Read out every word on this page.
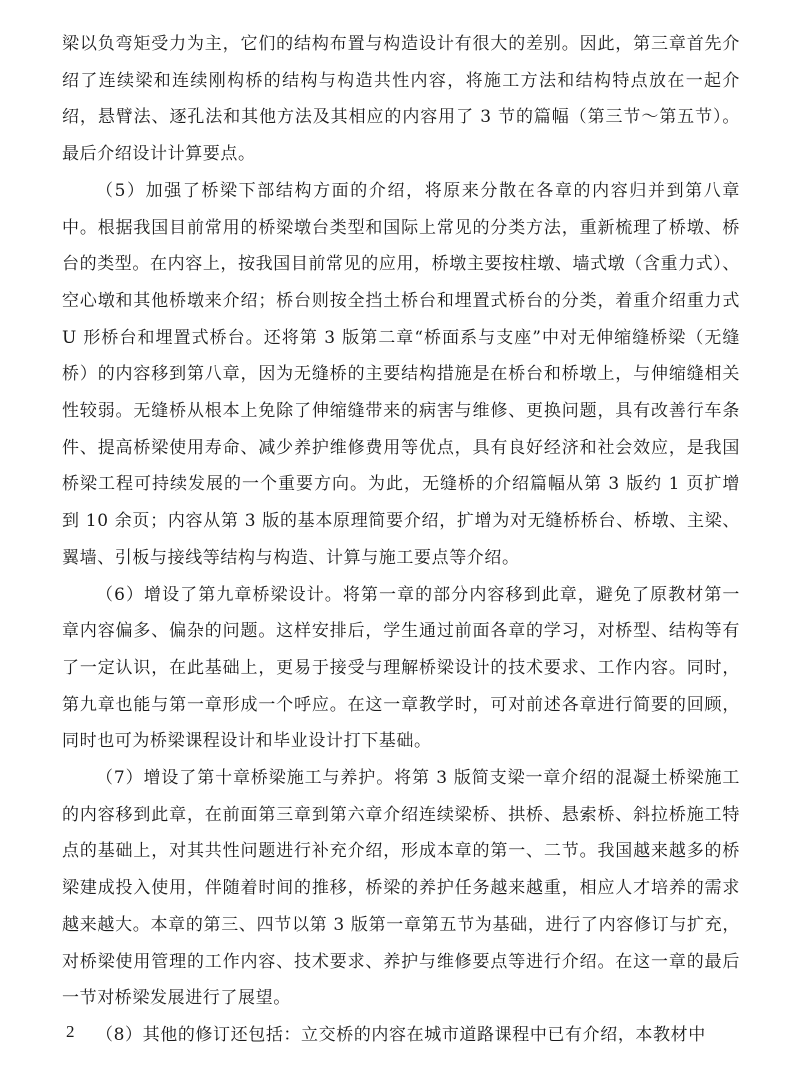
梁以负弯矩受力为主，它们的结构布置与构造设计有很大的差别。因此，第三章首先介绍了连续梁和连续刚构桥的结构与构造共性内容，将施工方法和结构特点放在一起介绍，悬臂法、逐孔法和其他方法及其相应的内容用了 3 节的篇幅（第三节～第五节）。最后介绍设计计算要点。

（5）加强了桥梁下部结构方面的介绍，将原来分散在各章的内容归并到第八章中。根据我国目前常用的桥梁墩台类型和国际上常见的分类方法，重新梳理了桥墩、桥台的类型。在内容上，按我国目前常见的应用，桥墩主要按柱墩、墙式墩（含重力式）、空心墩和其他桥墩来介绍；桥台则按全挡土桥台和埋置式桥台的分类，着重介绍重力式 U 形桥台和埋置式桥台。还将第 3 版第二章“桥面系与支座”中对无伸缩缝桥梁（无缝桥）的内容移到第八章，因为无缝桥的主要结构措施是在桥台和桥墩上，与伸缩缝相关性较弱。无缝桥从根本上免除了伸缩缝带来的病害与维修、更换问题，具有改善行车条件、提高桥梁使用寿命、减少养护维修费用等优点，具有良好经济和社会效应，是我国桥梁工程可持续发展的一个重要方向。为此，无缝桥的介绍篇幅从第 3 版约 1 页扩增到 10 余页；内容从第 3 版的基本原理简要介绍，扩增为对无缝桥桥台、桥墩、主梁、翼墙、引板与接线等结构与构造、计算与施工要点等介绍。

（6）增设了第九章桥梁设计。将第一章的部分内容移到此章，避免了原教材第一章内容偏多、偏杂的问题。这样安排后，学生通过前面各章的学习，对桥型、结构等有了一定认识，在此基础上，更易于接受与理解桥梁设计的技术要求、工作内容。同时，第九章也能与第一章形成一个呼应。在这一章教学时，可对前述各章进行简要的回顾，同时也可为桥梁课程设计和毕业设计打下基础。

（7）增设了第十章桥梁施工与养护。将第 3 版简支梁一章介绍的混凝土桥梁施工的内容移到此章，在前面第三章到第六章介绍连续梁桥、拱桥、悬索桥、斜拉桥施工特点的基础上，对其共性问题进行补充介绍，形成本章的第一、二节。我国越来越多的桥梁建成投入使用，伴随着时间的推移，桥梁的养护任务越来越重，相应人才培养的需求越来越大。本章的第三、四节以第 3 版第一章第五节为基础，进行了内容修订与扩充，对桥梁使用管理的工作内容、技术要求、养护与维修要点等进行介绍。在这一章的最后一节对桥梁发展进行了展望。

（8）其他的修订还包括：立交桥的内容在城市道路课程中已有介绍，本教材中

2
